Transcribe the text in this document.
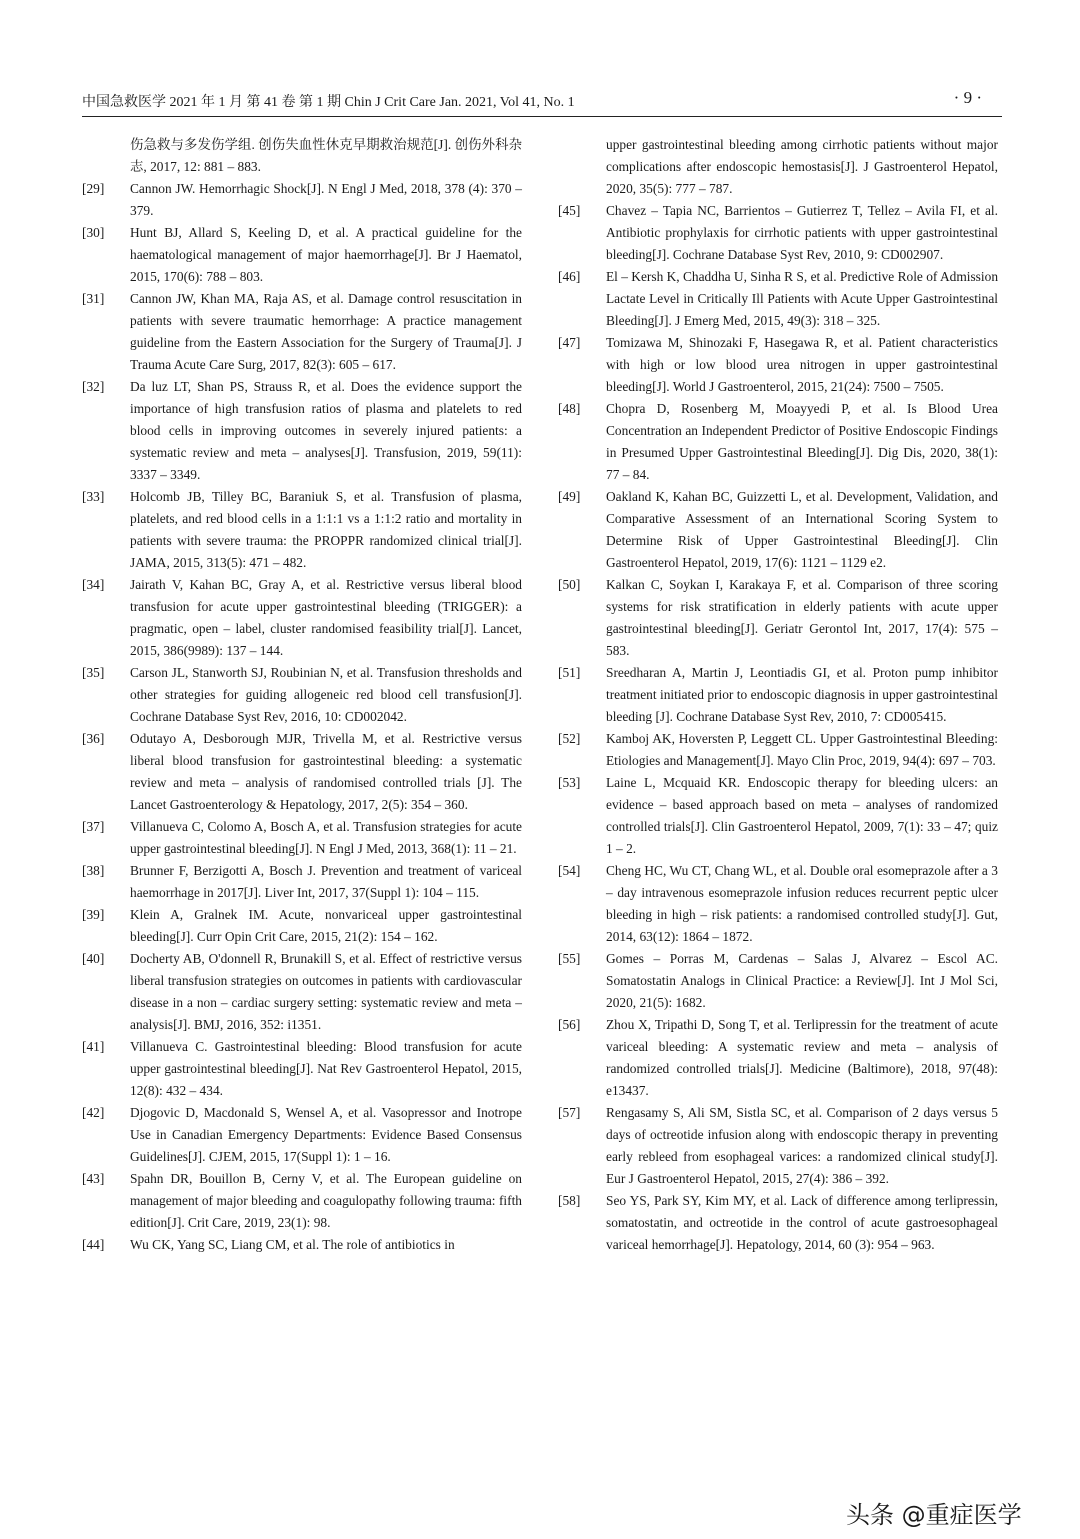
中国急救医学 2021 年 1 月 第 41 卷 第 1 期 Chin J Crit Care Jan. 2021, Vol 41, No. 1	· 9 ·
伤急救与多发伤学组. 创伤失血性休克早期救治规范[J]. 创伤外科杂志, 2017, 12: 881 – 883.
[29] Cannon JW. Hemorrhagic Shock[J]. N Engl J Med, 2018, 378 (4): 370 – 379.
[30] Hunt BJ, Allard S, Keeling D, et al. A practical guideline for the haematological management of major haemorrhage[J]. Br J Haematol, 2015, 170(6): 788 – 803.
[31] Cannon JW, Khan MA, Raja AS, et al. Damage control resuscitation in patients with severe traumatic hemorrhage: A practice management guideline from the Eastern Association for the Surgery of Trauma[J]. J Trauma Acute Care Surg, 2017, 82(3): 605 – 617.
[32] Da luz LT, Shan PS, Strauss R, et al. Does the evidence support the importance of high transfusion ratios of plasma and platelets to red blood cells in improving outcomes in severely injured patients: a systematic review and meta – analyses[J]. Transfusion, 2019, 59(11): 3337 – 3349.
[33] Holcomb JB, Tilley BC, Baraniuk S, et al. Transfusion of plasma, platelets, and red blood cells in a 1:1:1 vs a 1:1:2 ratio and mortality in patients with severe trauma: the PROPPR randomized clinical trial[J]. JAMA, 2015, 313(5): 471 – 482.
[34] Jairath V, Kahan BC, Gray A, et al. Restrictive versus liberal blood transfusion for acute upper gastrointestinal bleeding (TRIGGER): a pragmatic, open – label, cluster randomised feasibility trial[J]. Lancet, 2015, 386(9989): 137 – 144.
[35] Carson JL, Stanworth SJ, Roubinian N, et al. Transfusion thresholds and other strategies for guiding allogeneic red blood cell transfusion[J]. Cochrane Database Syst Rev, 2016, 10: CD002042.
[36] Odutayo A, Desborough MJR, Trivella M, et al. Restrictive versus liberal blood transfusion for gastrointestinal bleeding: a systematic review and meta – analysis of randomised controlled trials [J]. The Lancet Gastroenterology & Hepatology, 2017, 2(5): 354 – 360.
[37] Villanueva C, Colomo A, Bosch A, et al. Transfusion strategies for acute upper gastrointestinal bleeding[J]. N Engl J Med, 2013, 368(1): 11 – 21.
[38] Brunner F, Berzigotti A, Bosch J. Prevention and treatment of variceal haemorrhage in 2017[J]. Liver Int, 2017, 37(Suppl 1): 104 – 115.
[39] Klein A, Gralnek IM. Acute, nonvariceal upper gastrointestinal bleeding[J]. Curr Opin Crit Care, 2015, 21(2): 154 – 162.
[40] Docherty AB, O'donnell R, Brunakill S, et al. Effect of restrictive versus liberal transfusion strategies on outcomes in patients with cardiovascular disease in a non – cardiac surgery setting: systematic review and meta – analysis[J]. BMJ, 2016, 352: i1351.
[41] Villanueva C. Gastrointestinal bleeding: Blood transfusion for acute upper gastrointestinal bleeding[J]. Nat Rev Gastroenterol Hepatol, 2015, 12(8): 432 – 434.
[42] Djogovic D, Macdonald S, Wensel A, et al. Vasopressor and Inotrope Use in Canadian Emergency Departments: Evidence Based Consensus Guidelines[J]. CJEM, 2015, 17(Suppl 1): 1 – 16.
[43] Spahn DR, Bouillon B, Cerny V, et al. The European guideline on management of major bleeding and coagulopathy following trauma: fifth edition[J]. Crit Care, 2019, 23(1): 98.
[44] Wu CK, Yang SC, Liang CM, et al. The role of antibiotics in
upper gastrointestinal bleeding among cirrhotic patients without major complications after endoscopic hemostasis[J]. J Gastroenterol Hepatol, 2020, 35(5): 777 – 787.
[45] Chavez – Tapia NC, Barrientos – Gutierrez T, Tellez – Avila FI, et al. Antibiotic prophylaxis for cirrhotic patients with upper gastrointestinal bleeding[J]. Cochrane Database Syst Rev, 2010, 9: CD002907.
[46] El – Kersh K, Chaddha U, Sinha R S, et al. Predictive Role of Admission Lactate Level in Critically Ill Patients with Acute Upper Gastrointestinal Bleeding[J]. J Emerg Med, 2015, 49(3): 318 – 325.
[47] Tomizawa M, Shinozaki F, Hasegawa R, et al. Patient characteristics with high or low blood urea nitrogen in upper gastrointestinal bleeding[J]. World J Gastroenterol, 2015, 21(24): 7500 – 7505.
[48] Chopra D, Rosenberg M, Moayyedi P, et al. Is Blood Urea Concentration an Independent Predictor of Positive Endoscopic Findings in Presumed Upper Gastrointestinal Bleeding[J]. Dig Dis, 2020, 38(1): 77 – 84.
[49] Oakland K, Kahan BC, Guizzetti L, et al. Development, Validation, and Comparative Assessment of an International Scoring System to Determine Risk of Upper Gastrointestinal Bleeding[J]. Clin Gastroenterol Hepatol, 2019, 17(6): 1121 – 1129 e2.
[50] Kalkan C, Soykan I, Karakaya F, et al. Comparison of three scoring systems for risk stratification in elderly patients with acute upper gastrointestinal bleeding[J]. Geriatr Gerontol Int, 2017, 17(4): 575 – 583.
[51] Sreedharan A, Martin J, Leontiadis GI, et al. Proton pump inhibitor treatment initiated prior to endoscopic diagnosis in upper gastrointestinal bleeding [J]. Cochrane Database Syst Rev, 2010, 7: CD005415.
[52] Kamboj AK, Hoversten P, Leggett CL. Upper Gastrointestinal Bleeding: Etiologies and Management[J]. Mayo Clin Proc, 2019, 94(4): 697 – 703.
[53] Laine L, Mcquaid KR. Endoscopic therapy for bleeding ulcers: an evidence – based approach based on meta – analyses of randomized controlled trials[J]. Clin Gastroenterol Hepatol, 2009, 7(1): 33 – 47; quiz 1 – 2.
[54] Cheng HC, Wu CT, Chang WL, et al. Double oral esomeprazole after a 3 – day intravenous esomeprazole infusion reduces recurrent peptic ulcer bleeding in high – risk patients: a randomised controlled study[J]. Gut, 2014, 63(12): 1864 – 1872.
[55] Gomes – Porras M, Cardenas – Salas J, Alvarez – Escol AC. Somatostatin Analogs in Clinical Practice: a Review[J]. Int J Mol Sci, 2020, 21(5): 1682.
[56] Zhou X, Tripathi D, Song T, et al. Terlipressin for the treatment of acute variceal bleeding: A systematic review and meta – analysis of randomized controlled trials[J]. Medicine (Baltimore), 2018, 97(48): e13437.
[57] Rengasamy S, Ali SM, Sistla SC, et al. Comparison of 2 days versus 5 days of octreotide infusion along with endoscopic therapy in preventing early rebleed from esophageal varices: a randomized clinical study[J]. Eur J Gastroenterol Hepatol, 2015, 27(4): 386 – 392.
[58] Seo YS, Park SY, Kim MY, et al. Lack of difference among terlipressin, somatostatin, and octreotide in the control of acute gastroesophageal variceal hemorrhage[J]. Hepatology, 2014, 60 (3): 954 – 963.
头条 @重症医学
